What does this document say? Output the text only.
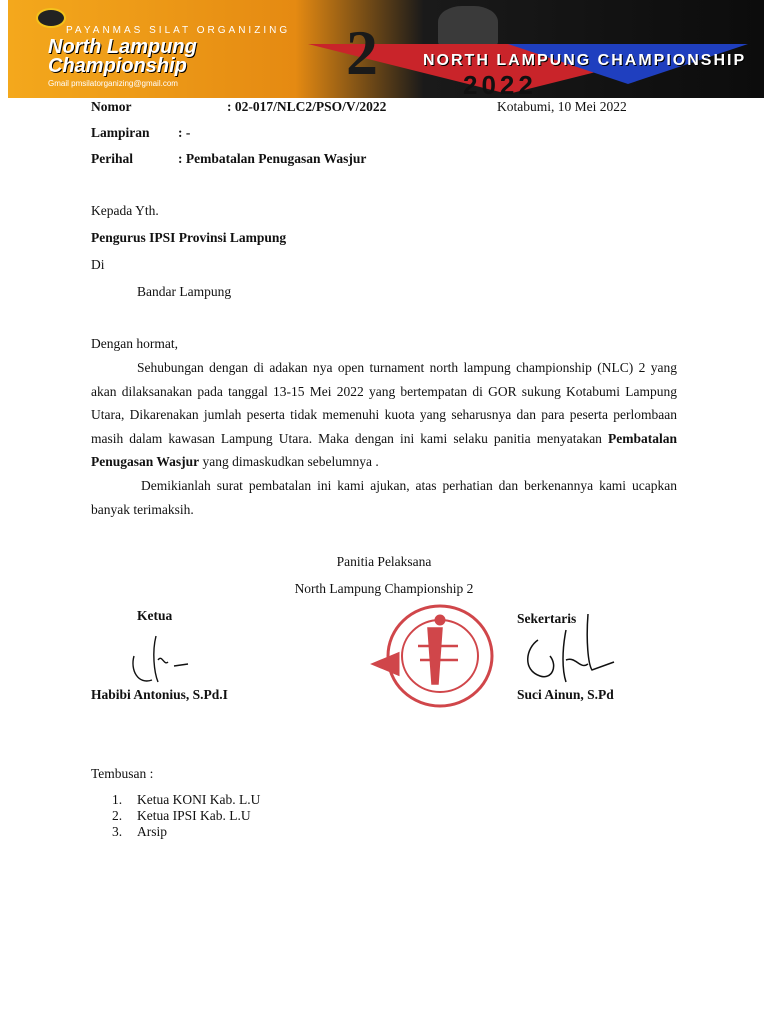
PAYANMAS SILAT ORGANIZING
North Lampung
Championship
Gmail pmsilatorganizing@gmail.com	2	NORTH LAMPUNG CHAMPIONSHIP
2022
Nomor	: 02-017/NLC2/PSO/V/2022	Kotabumi, 10 Mei 2022
Lampiran : -
Perihal	: Pembatalan Penugasan Wasjur
Kepada Yth.
Pengurus IPSI Provinsi Lampung
Di
Bandar Lampung
Dengan hormat,
Sehubungan dengan di adakan nya open turnament north lampung championship (NLC) 2 yang akan dilaksanakan pada tanggal 13-15 Mei 2022 yang bertempatan di GOR sukung Kotabumi Lampung Utara, Dikarenakan jumlah peserta tidak memenuhi kuota yang seharusnya dan para peserta perlombaan masih dalam kawasan Lampung Utara. Maka dengan ini kami selaku panitia menyatakan Pembatalan Penugasan Wasjur yang dimaskudkan sebelumnya .
Demikianlah surat pembatalan ini kami ajukan, atas perhatian dan berkenannya kami ucapkan banyak terimaksih.
Panitia Pelaksana
North Lampung Championship 2
Ketua	Sekertaris
Habibi Antonius, S.Pd.I	Suci Ainun, S.Pd
Tembusan :
1. Ketua KONI Kab. L.U
2. Ketua IPSI Kab. L.U
3. Arsip
